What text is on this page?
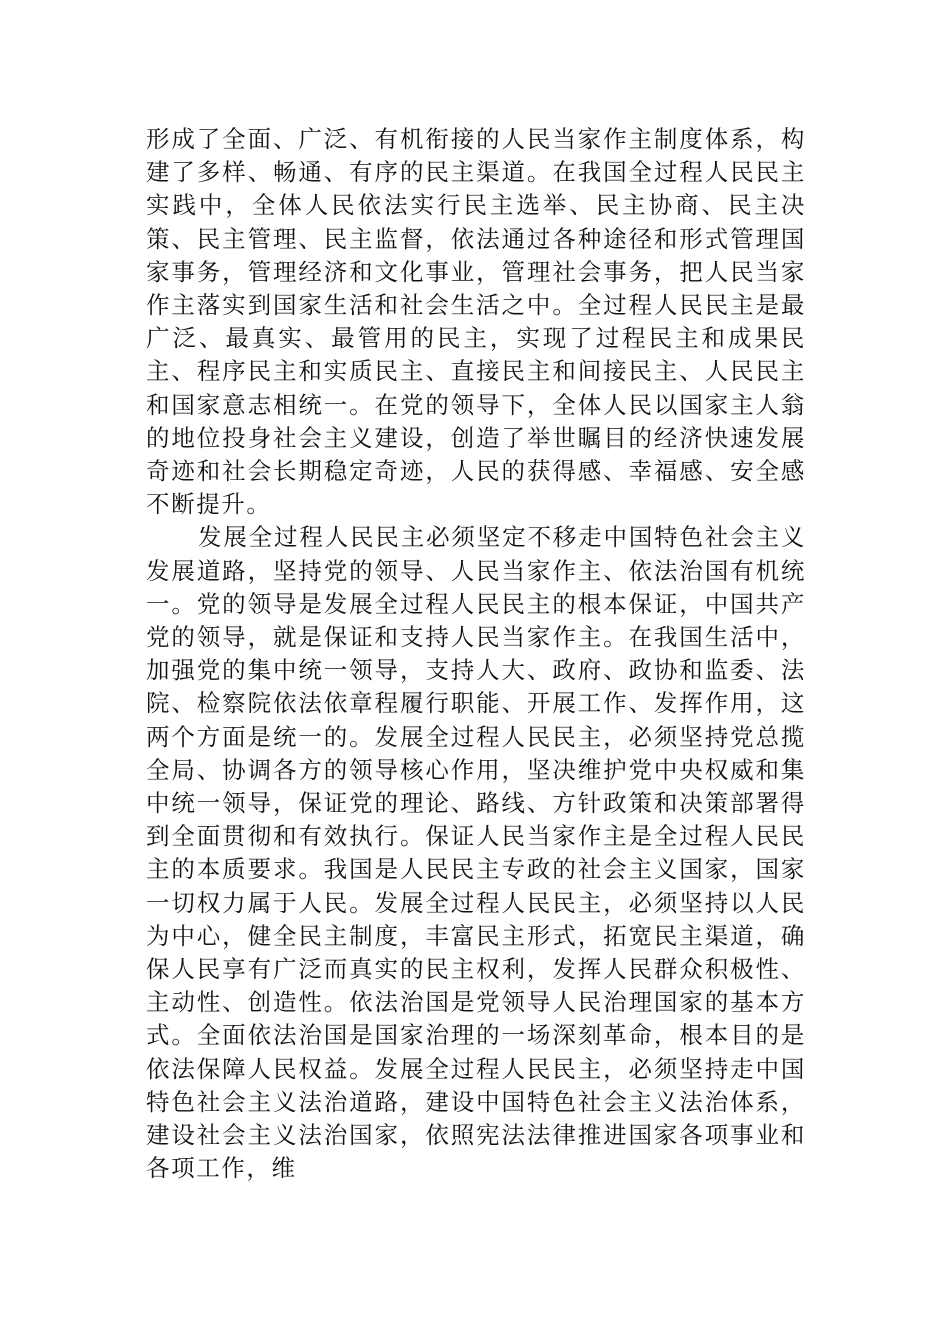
形成了全面、广泛、有机衔接的人民当家作主制度体系，构建了多样、畅通、有序的民主渠道。在我国全过程人民民主实践中，全体人民依法实行民主选举、民主协商、民主决策、民主管理、民主监督，依法通过各种途径和形式管理国家事务，管理经济和文化事业，管理社会事务，把人民当家作主落实到国家生活和社会生活之中。全过程人民民主是最广泛、最真实、最管用的民主，实现了过程民主和成果民主、程序民主和实质民主、直接民主和间接民主、人民民主和国家意志相统一。在党的领导下，全体人民以国家主人翁的地位投身社会主义建设，创造了举世瞩目的经济快速发展奇迹和社会长期稳定奇迹，人民的获得感、幸福感、安全感不断提升。

发展全过程人民民主必须坚定不移走中国特色社会主义发展道路，坚持党的领导、人民当家作主、依法治国有机统一。党的领导是发展全过程人民民主的根本保证，中国共产党的领导，就是保证和支持人民当家作主。在我国生活中，加强党的集中统一领导，支持人大、政府、政协和监委、法院、检察院依法依章程履行职能、开展工作、发挥作用，这两个方面是统一的。发展全过程人民民主，必须坚持党总揽全局、协调各方的领导核心作用，坚决维护党中央权威和集中统一领导，保证党的理论、路线、方针政策和决策部署得到全面贯彻和有效执行。保证人民当家作主是全过程人民民主的本质要求。我国是人民民主专政的社会主义国家，国家一切权力属于人民。发展全过程人民民主，必须坚持以人民为中心，健全民主制度，丰富民主形式，拓宽民主渠道，确保人民享有广泛而真实的民主权利，发挥人民群众积极性、主动性、创造性。依法治国是党领导人民治理国家的基本方式。全面依法治国是国家治理的一场深刻革命，根本目的是依法保障人民权益。发展全过程人民民主，必须坚持走中国特色社会主义法治道路，建设中国特色社会主义法治体系，建设社会主义法治国家，依照宪法法律推进国家各项事业和各项工作，维
